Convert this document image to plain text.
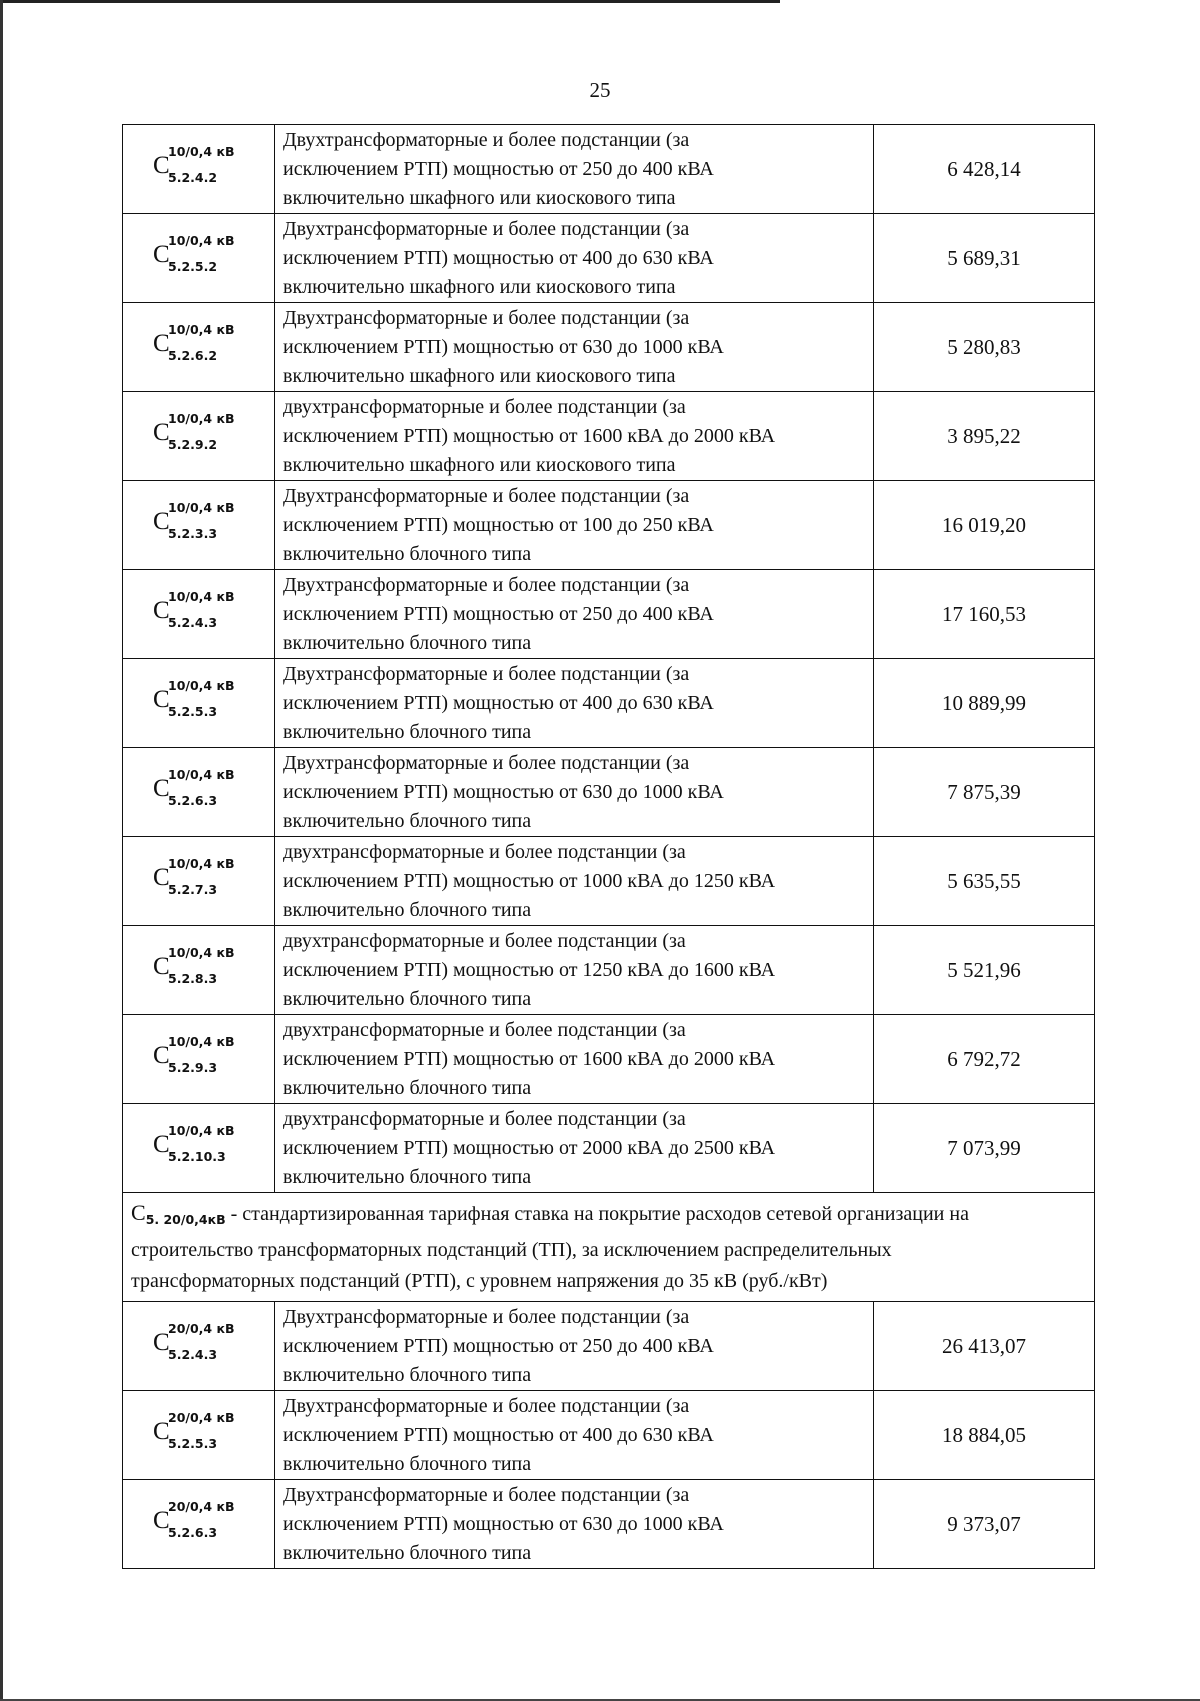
25
C
10/0,4 кВ
5.2.4.2	Двухтрансформаторные и более подстанции (за
исключением РТП) мощностью от 250 до 400 кВА
включительно шкафного или киоскового типа	6 428,14

C
10/0,4 кВ
5.2.5.2	Двухтрансформаторные и более подстанции (за
исключением РТП) мощностью от 400 до 630 кВА
включительно шкафного или киоскового типа	5 689,31

C
10/0,4 кВ
5.2.6.2	Двухтрансформаторные и более подстанции (за
исключением РТП) мощностью от 630 до 1000 кВА
включительно шкафного или киоскового типа	5 280,83

C
10/0,4 кВ
5.2.9.2	двухтрансформаторные и более подстанции (за
исключением РТП) мощностью от 1600 кВА до 2000 кВА
включительно шкафного или киоскового типа	3 895,22

C
10/0,4 кВ
5.2.3.3	Двухтрансформаторные и более подстанции (за
исключением РТП) мощностью от 100 до 250 кВА
включительно блочного типа	16 019,20

C
10/0,4 кВ
5.2.4.3	Двухтрансформаторные и более подстанции (за
исключением РТП) мощностью от 250 до 400 кВА
включительно блочного типа	17 160,53

C
10/0,4 кВ
5.2.5.3	Двухтрансформаторные и более подстанции (за
исключением РТП) мощностью от 400 до 630 кВА
включительно блочного типа	10 889,99

C
10/0,4 кВ
5.2.6.3	Двухтрансформаторные и более подстанции (за
исключением РТП) мощностью от 630 до 1000 кВА
включительно блочного типа	7 875,39

C
10/0,4 кВ
5.2.7.3	двухтрансформаторные и более подстанции (за
исключением РТП) мощностью от 1000 кВА до 1250 кВА
включительно блочного типа	5 635,55

C
10/0,4 кВ
5.2.8.3	двухтрансформаторные и более подстанции (за
исключением РТП) мощностью от 1250 кВА до 1600 кВА
включительно блочного типа	5 521,96

C
10/0,4 кВ
5.2.9.3	двухтрансформаторные и более подстанции (за
исключением РТП) мощностью от 1600 кВА до 2000 кВА
включительно блочного типа	6 792,72

C
10/0,4 кВ
5.2.10.3	двухтрансформаторные и более подстанции (за
исключением РТП) мощностью от 2000 кВА до 2500 кВА
включительно блочного типа	7 073,99

$C_{5. 20/0,4кВ}$ - стандартизированная тарифная ставка на покрытие расходов сетевой организации на
строительство трансформаторных подстанций (ТП), за исключением распределительных
трансформаторных подстанций (РТП), с уровнем напряжения до 35 кВ (руб./кВт)		

C
20/0,4 кВ
5.2.4.3	Двухтрансформаторные и более подстанции (за
исключением РТП) мощностью от 250 до 400 кВА
включительно блочного типа	26 413,07

C
20/0,4 кВ
5.2.5.3	Двухтрансформаторные и более подстанции (за
исключением РТП) мощностью от 400 до 630 кВА
включительно блочного типа	18 884,05

C
20/0,4 кВ
5.2.6.3	Двухтрансформаторные и более подстанции (за
исключением РТП) мощностью от 630 до 1000 кВА
включительно блочного типа	9 373,07
